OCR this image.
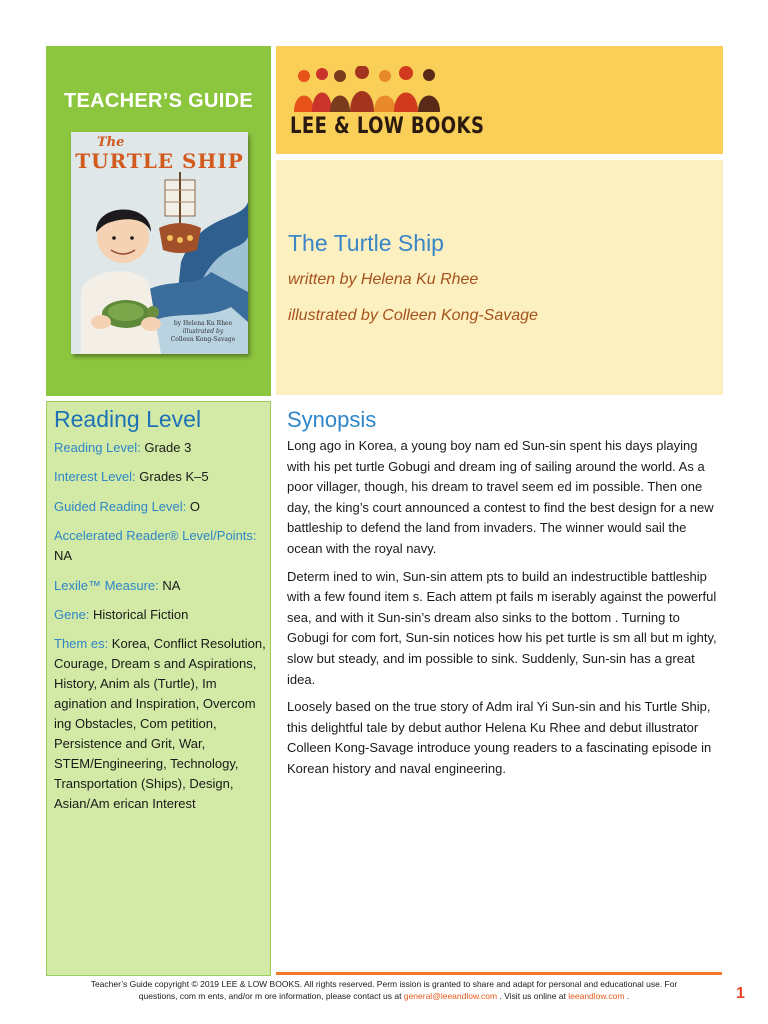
TEACHER’S GUIDE
The
TURTLE SHIP
by Helena Ku Rhee
illustrated by
Colleen Kong-Savage
LEE & LOW BOOKS
The Turtle Ship
written by Helena Ku Rhee
illustrated by Colleen Kong-Savage
Reading Level
Reading Level: Grade 3
Interest Level: Grades K–5
Guided Reading Level: O
Accelerated Reader® Level/Points:
NA
Lexile™ Measure: NA
Gene: Historical Fiction
Them es: Korea, Conflict Resolution, Courage, Dream s and Aspirations, History, Anim als (Turtle), Im agination and Inspiration, Overcom ing Obstacles, Com petition, Persistence and Grit, War, STEM/Engineering, Technology, Transportation (Ships), Design, Asian/Am erican Interest
Synopsis

Long ago in Korea, a young boy nam ed Sun-sin spent his days playing with his pet turtle Gobugi and dream ing of sailing around the world. As a poor villager, though, his dream to travel seem ed im possible. Then one day, the king’s court announced a contest to find the best design for a new battleship to defend the land from invaders. The winner would sail the ocean with the royal navy.

Determ ined to win, Sun-sin attem pts to build an indestructible battleship with a few found item s. Each attem pt fails m iserably against the powerful sea, and with it Sun-sin’s dream also sinks to the bottom . Turning to Gobugi for com fort, Sun-sin notices how his pet turtle is sm all but m ighty, slow but steady, and im possible to sink. Suddenly, Sun-sin has a great idea.

Loosely based on the true story of Adm iral Yi Sun-sin and his Turtle Ship, this delightful tale by debut author Helena Ku Rhee and debut illustrator Colleen Kong-Savage introduce young readers to a fascinating episode in Korean history and naval engineering.

Teacher’s Guide copyright © 2019 LEE & LOW BOOKS. All rights reserved. Perm ission is granted to share and adapt for personal and educational use. For
questions, com m ents, and/or m ore information, please contact us at general@leeandlow.com . Visit us online at leeandlow.com .	1
